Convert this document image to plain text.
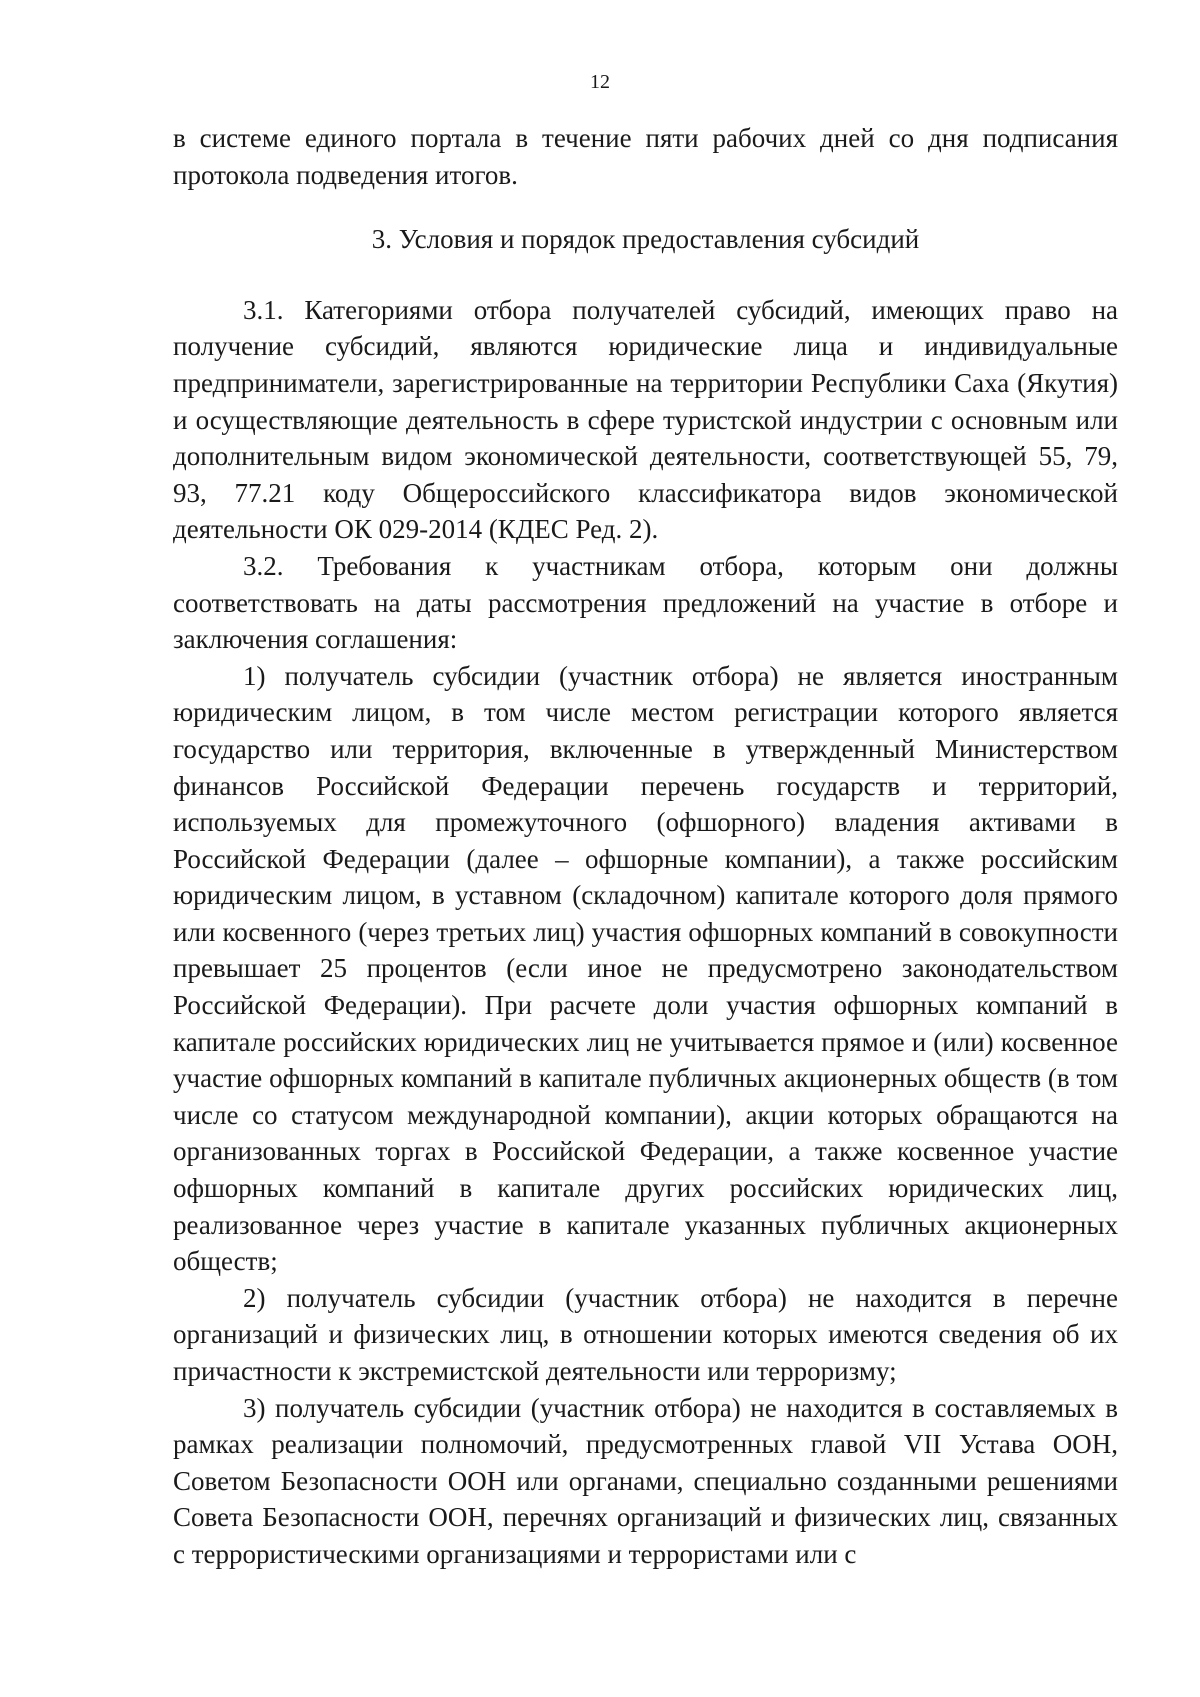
12

в системе единого портала в течение пяти рабочих дней со дня подписания протокола подведения итогов.

3. Условия и порядок предоставления субсидий

3.1. Категориями отбора получателей субсидий, имеющих право на получение субсидий, являются юридические лица и индивидуальные предприниматели, зарегистрированные на территории Республики Саха (Якутия) и осуществляющие деятельность в сфере туристской индустрии с основным или дополнительным видом экономической деятельности, соответствующей 55, 79, 93, 77.21 коду Общероссийского классификатора видов экономической деятельности ОК 029-2014 (КДЕС Ред. 2).

3.2. Требования к участникам отбора, которым они должны соответствовать на даты рассмотрения предложений на участие в отборе и заключения соглашения:

1) получатель субсидии (участник отбора) не является иностранным юридическим лицом, в том числе местом регистрации которого является государство или территория, включенные в утвержденный Министерством финансов Российской Федерации перечень государств и территорий, используемых для промежуточного (офшорного) владения активами в Российской Федерации (далее – офшорные компании), а также российским юридическим лицом, в уставном (складочном) капитале которого доля прямого или косвенного (через третьих лиц) участия офшорных компаний в совокупности превышает 25 процентов (если иное не предусмотрено законодательством Российской Федерации). При расчете доли участия офшорных компаний в капитале российских юридических лиц не учитывается прямое и (или) косвенное участие офшорных компаний в капитале публичных акционерных обществ (в том числе со статусом международной компании), акции которых обращаются на организованных торгах в Российской Федерации, а также косвенное участие офшорных компаний в капитале других российских юридических лиц, реализованное через участие в капитале указанных публичных акционерных обществ;

2) получатель субсидии (участник отбора) не находится в перечне организаций и физических лиц, в отношении которых имеются сведения об их причастности к экстремистской деятельности или терроризму;

3) получатель субсидии (участник отбора) не находится в составляемых в рамках реализации полномочий, предусмотренных главой VII Устава ООН, Советом Безопасности ООН или органами, специально созданными решениями Совета Безопасности ООН, перечнях организаций и физических лиц, связанных с террористическими организациями и террористами или с
